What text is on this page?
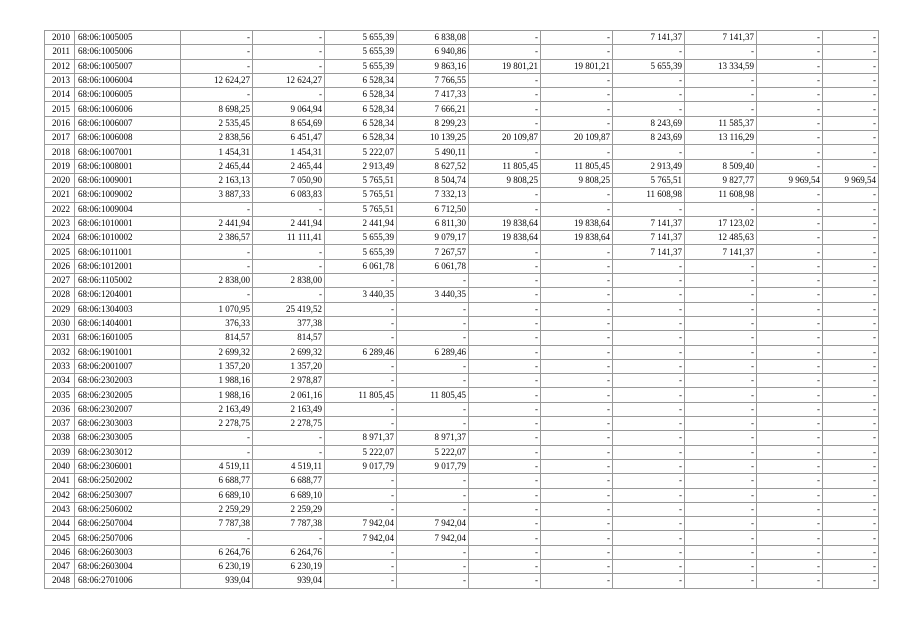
2010	68:06:1005005	-	-	5 655,39	6 838,08	-	-	7 141,37	7 141,37	-	-
2011	68:06:1005006	-	-	5 655,39	6 940,86	-	-	-	-	-	-
2012	68:06:1005007	-	-	5 655,39	9 863,16	19 801,21	19 801,21	5 655,39	13 334,59	-	-
2013	68:06:1006004	12 624,27	12 624,27	6 528,34	7 766,55	-	-	-	-	-	-
2014	68:06:1006005	-	-	6 528,34	7 417,33	-	-	-	-	-	-
2015	68:06:1006006	8 698,25	9 064,94	6 528,34	7 666,21	-	-	-	-	-	-
2016	68:06:1006007	2 535,45	8 654,69	6 528,34	8 299,23	-	-	8 243,69	11 585,37	-	-
2017	68:06:1006008	2 838,56	6 451,47	6 528,34	10 139,25	20 109,87	20 109,87	8 243,69	13 116,29	-	-
2018	68:06:1007001	1 454,31	1 454,31	5 222,07	5 490,11	-	-	-	-	-	-
2019	68:06:1008001	2 465,44	2 465,44	2 913,49	8 627,52	11 805,45	11 805,45	2 913,49	8 509,40	-	-
2020	68:06:1009001	2 163,13	7 050,90	5 765,51	8 504,74	9 808,25	9 808,25	5 765,51	9 827,77	9 969,54	9 969,54
2021	68:06:1009002	3 887,33	6 083,83	5 765,51	7 332,13	-	-	11 608,98	11 608,98	-	-
2022	68:06:1009004	-	-	5 765,51	6 712,50	-	-	-	-	-	-
2023	68:06:1010001	2 441,94	2 441,94	2 441,94	6 811,30	19 838,64	19 838,64	7 141,37	17 123,02	-	-
2024	68:06:1010002	2 386,57	11 111,41	5 655,39	9 079,17	19 838,64	19 838,64	7 141,37	12 485,63	-	-
2025	68:06:1011001	-	-	5 655,39	7 267,57	-	-	7 141,37	7 141,37	-	-
2026	68:06:1012001	-	-	6 061,78	6 061,78	-	-	-	-	-	-
2027	68:06:1105002	2 838,00	2 838,00	-	-	-	-	-	-	-	-
2028	68:06:1204001	-	-	3 440,35	3 440,35	-	-	-	-	-	-
2029	68:06:1304003	1 070,95	25 419,52	-	-	-	-	-	-	-	-
2030	68:06:1404001	376,33	377,38	-	-	-	-	-	-	-	-
2031	68:06:1601005	814,57	814,57	-	-	-	-	-	-	-	-
2032	68:06:1901001	2 699,32	2 699,32	6 289,46	6 289,46	-	-	-	-	-	-
2033	68:06:2001007	1 357,20	1 357,20	-	-	-	-	-	-	-	-
2034	68:06:2302003	1 988,16	2 978,87	-	-	-	-	-	-	-	-
2035	68:06:2302005	1 988,16	2 061,16	11 805,45	11 805,45	-	-	-	-	-	-
2036	68:06:2302007	2 163,49	2 163,49	-	-	-	-	-	-	-	-
2037	68:06:2303003	2 278,75	2 278,75	-	-	-	-	-	-	-	-
2038	68:06:2303005	-	-	8 971,37	8 971,37	-	-	-	-	-	-
2039	68:06:2303012	-	-	5 222,07	5 222,07	-	-	-	-	-	-
2040	68:06:2306001	4 519,11	4 519,11	9 017,79	9 017,79	-	-	-	-	-	-
2041	68:06:2502002	6 688,77	6 688,77	-	-	-	-	-	-	-	-
2042	68:06:2503007	6 689,10	6 689,10	-	-	-	-	-	-	-	-
2043	68:06:2506002	2 259,29	2 259,29	-	-	-	-	-	-	-	-
2044	68:06:2507004	7 787,38	7 787,38	7 942,04	7 942,04	-	-	-	-	-	-
2045	68:06:2507006	-	-	7 942,04	7 942,04	-	-	-	-	-	-
2046	68:06:2603003	6 264,76	6 264,76	-	-	-	-	-	-	-	-
2047	68:06:2603004	6 230,19	6 230,19	-	-	-	-	-	-	-	-
2048	68:06:2701006	939,04	939,04	-	-	-	-	-	-	-	-
